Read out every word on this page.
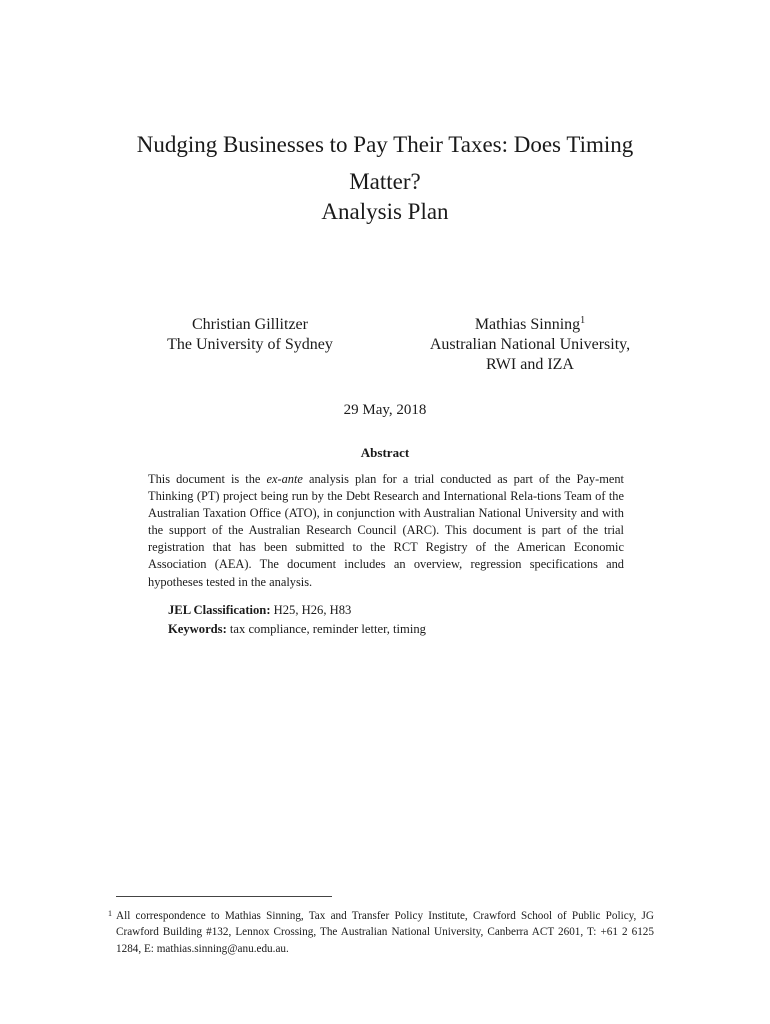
Nudging Businesses to Pay Their Taxes: Does Timing
Matter?
Analysis Plan
Christian Gillitzer
The University of Sydney
Mathias Sinning$^1$
Australian National University,
RWI and IZA
29 May, 2018
Abstract
This document is the ex-ante analysis plan for a trial conducted as part of the Pay-ment Thinking (PT) project being run by the Debt Research and International Rela-tions Team of the Australian Taxation Office (ATO), in conjunction with Australian National University and with the support of the Australian Research Council (ARC). This document is part of the trial registration that has been submitted to the RCT Registry of the American Economic Association (AEA). The document includes an overview, regression specifications and hypotheses tested in the analysis.
JEL Classification: H25, H26, H83
Keywords: tax compliance, reminder letter, timing
1 All correspondence to Mathias Sinning, Tax and Transfer Policy Institute, Crawford School of Public Policy, JG Crawford Building #132, Lennox Crossing, The Australian National University, Canberra ACT 2601, T: +61 2 6125 1284, E: mathias.sinning@anu.edu.au.
